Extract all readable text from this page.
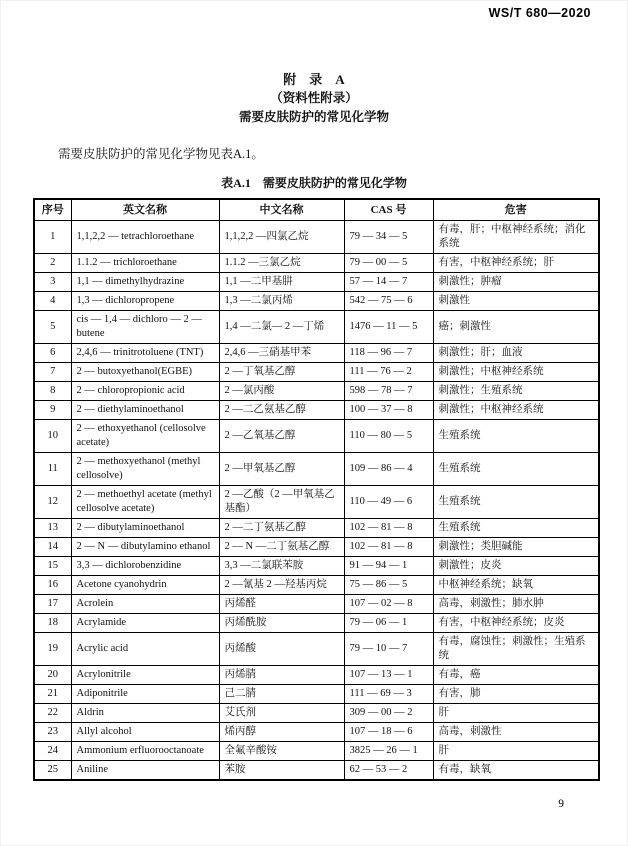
WS/T 680—2020
附　录　A
（资料性附录）
需要皮肤防护的常见化学物

需要皮肤防护的常见化学物见表A.1。

表A.1　需要皮肤防护的常见化学物
序号	英文名称	中文名称	CAS 号	危害
1	1,1,2,2 — tetrachloroethane	1,1,2,2 —四氯乙烷	79 — 34 — 5	有毒，肝；中枢神经系统；消化系统
2	1.1.2 — trichloroethane	1.1.2 —三氯乙烷	79 — 00 — 5	有害，中枢神经系统；肝
3	1,1 — dimethylhydrazine	1,1 —二甲基肼	57 — 14 — 7	刺激性；肿瘤
4	1,3 — dichloropropene	1,3 —二氯丙烯	542 — 75 — 6	刺激性
5	cis — 1,4 — dichloro — 2 — butene	1,4 —二氯— 2 —丁烯	1476 — 11 — 5	癌；刺激性
6	2,4,6 — trinitrotoluene (TNT)	2,4,6 —三硝基甲苯	118 — 96 — 7	刺激性；肝；血液
7	2 — butoxyethanol(EGBE)	2 —丁氧基乙醇	111 — 76 — 2	刺激性；中枢神经系统
8	2 — chloropropionic acid	2 —氯丙酸	598 — 78 — 7	刺激性；生殖系统
9	2 — diethylaminoethanol	2 —二乙氨基乙醇	100 — 37 — 8	刺激性；中枢神经系统
10	2 — ethoxyethanol (cellosolve acetate)	2 —乙氧基乙醇	110 — 80 — 5	生殖系统
11	2 — methoxyethanol (methyl cellosolve)	2 —甲氧基乙醇	109 — 86 — 4	生殖系统
12	2 — methoethyl acetate (methyl cellosolve acetate)	2 —乙酸（2 —甲氧基乙基酯）	110 — 49 — 6	生殖系统
13	2 — dibutylaminoethanol	2 —二丁氨基乙醇	102 — 81 — 8	生殖系统
14	2 — N — dibutylamino ethanol	2 — N —二丁氨基乙醇	102 — 81 — 8	刺激性；类胆碱能
15	3,3 — dichlorobenzidine	3,3 —二氯联苯胺	91 — 94 — 1	刺激性；皮炎
16	Acetone cyanohydrin	2 —氰基 2 —羟基丙烷	75 — 86 — 5	中枢神经系统；缺氧
17	Acrolein	丙烯醛	107 — 02 — 8	高毒，刺激性；肺水肿
18	Acrylamide	丙烯酰胺	79 — 06 — 1	有害，中枢神经系统；皮炎
19	Acrylic acid	丙烯酸	79 — 10 — 7	有毒，腐蚀性；刺激性；生殖系统
20	Acrylonitrile	丙烯腈	107 — 13 — 1	有毒，癌
21	Adiponitrile	己二腈	111 — 69 — 3	有害，肺
22	Aldrin	艾氏剂	309 — 00 — 2	肝
23	Allyl alcohol	烯丙醇	107 — 18 — 6	高毒，刺激性
24	Ammonium erfluorooctanoate	全氟辛酸铵	3825 — 26 — 1	肝
25	Aniline	苯胺	62 — 53 — 2	有毒，缺氧
9
